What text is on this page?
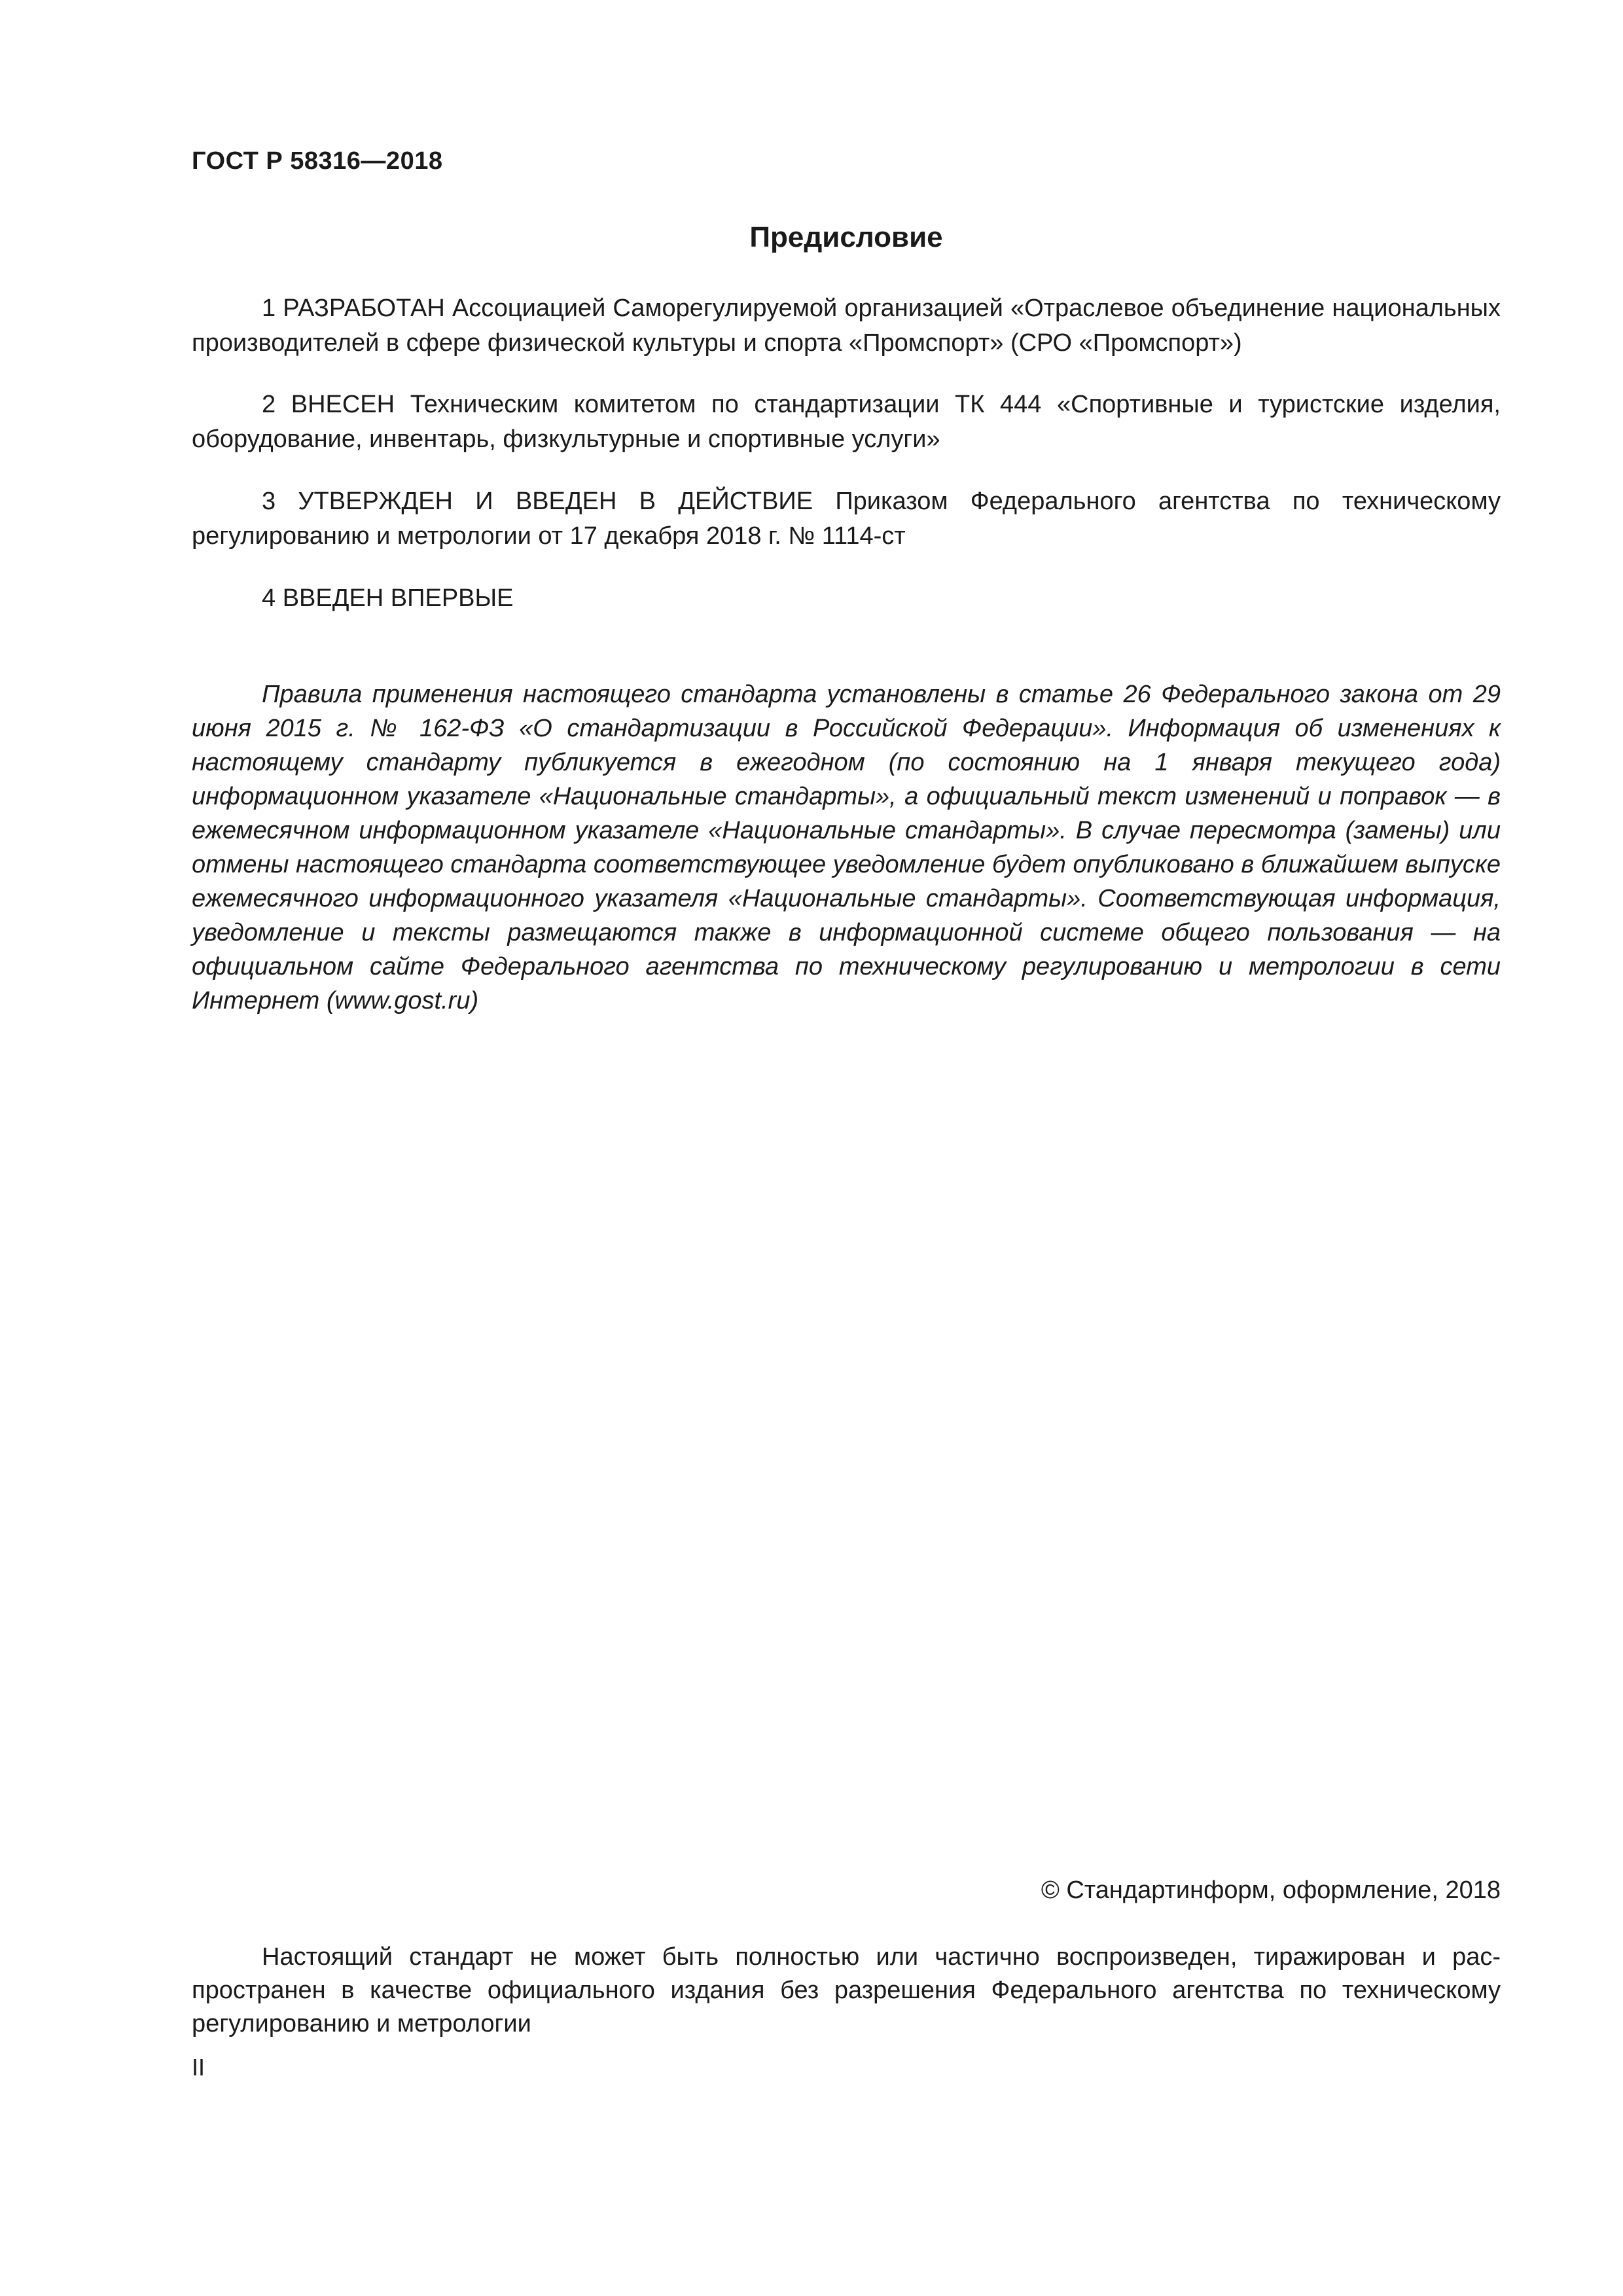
ГОСТ Р 58316—2018
Предисловие

1 РАЗРАБОТАН Ассоциацией Саморегулируемой организацией «Отраслевое объединение национальных производителей в сфере физической культуры и спорта «Промспорт» (СРО «Промспорт»)

2 ВНЕСЕН Техническим комитетом по стандартизации ТК 444 «Спортивные и туристские изделия, оборудование, инвентарь, физкультурные и спортивные услуги»

3 УТВЕРЖДЕН И ВВЕДЕН В ДЕЙСТВИЕ Приказом Федерального агентства по техническому регулированию и метрологии от 17 декабря 2018 г. № 1114-ст

4 ВВЕДЕН ВПЕРВЫЕ

Правила применения настоящего стандарта установлены в статье 26 Федерального закона от 29 июня 2015 г. № 162-ФЗ «О стандартизации в Российской Федерации». Информация об изменениях к настоящему стандарту публикуется в ежегодном (по состоянию на 1 января текущего года) информационном указателе «Национальные стандарты», а официальный текст изменений и поправок — в ежемесячном информационном указателе «Национальные стандарты». В случае пересмотра (замены) или отмены настоящего стандарта соответствующее уведомление будет опубликовано в ближайшем выпуске ежемесячного информационного указателя «Национальные стандарты». Соответствующая информация, уведомление и тексты размещаются также в информационной системе общего пользования — на официальном сайте Федерального агентства по техническому регулированию и метрологии в сети Интернет (www.gost.ru)

© Стандартинформ, оформление, 2018

Настоящий стандарт не может быть полностью или частично воспроизведен, тиражирован и распространен в качестве официального издания без разрешения Федерального агентства по техническому регулированию и метрологии

II
